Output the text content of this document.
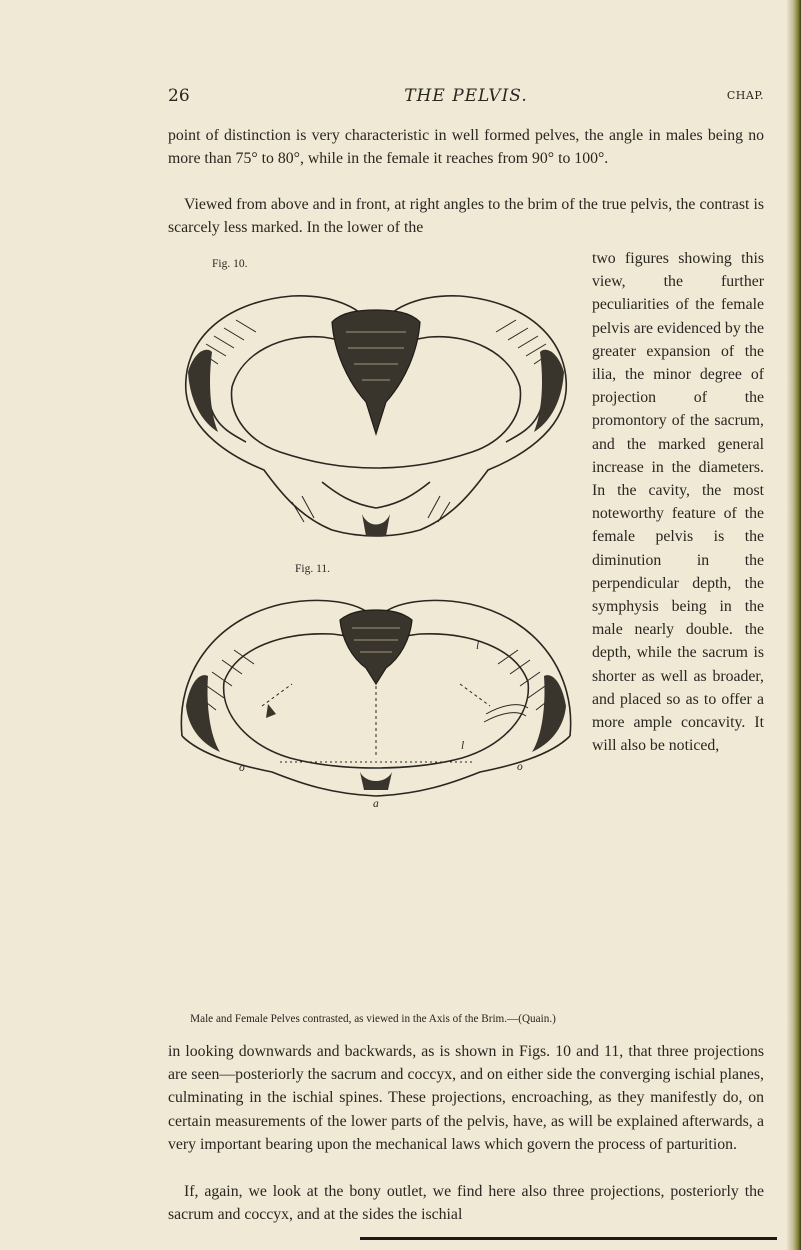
26	THE PELVIS.	CHAP.

point of distinction is very characteristic in well formed pelves, the angle in males being no more than 75° to 80°, while in the female it reaches from 90° to 100°.

Viewed from above and in front, at right angles to the brim of the true pelvis, the contrast is scarcely less marked. In the lower of the

two figures showing this view, the further peculiarities of the female pelvis are evidenced by the greater expansion of the ilia, the minor degree of projection of the promontory of the sacrum, and the marked general increase in the diameters. In the cavity, the most noteworthy feature of the female pelvis is the diminution in the perpendicular depth, the symphysis being in the male nearly double. the depth, while the sacrum is shorter as well as broader, and placed so as to offer a more ample concavity. It will also be noticed,

in looking downwards and backwards, as is shown in Figs. 10 and 11, that three projections are seen—posteriorly the sacrum and coccyx, and on either side the converging ischial planes, culminating in the ischial spines. These projections, encroaching, as they manifestly do, on certain measurements of the lower parts of the pelvis, have, as will be explained afterwards, a very important bearing upon the mechanical laws which govern the process of parturition.

If, again, we look at the bony outlet, we find here also three projections, posteriorly the sacrum and coccyx, and at the sides the ischial

Fig. 10.
Fig. 11.
l
l
o	o
a
Male and Female Pelves contrasted, as viewed in the Axis of the Brim.—(Quain.)
